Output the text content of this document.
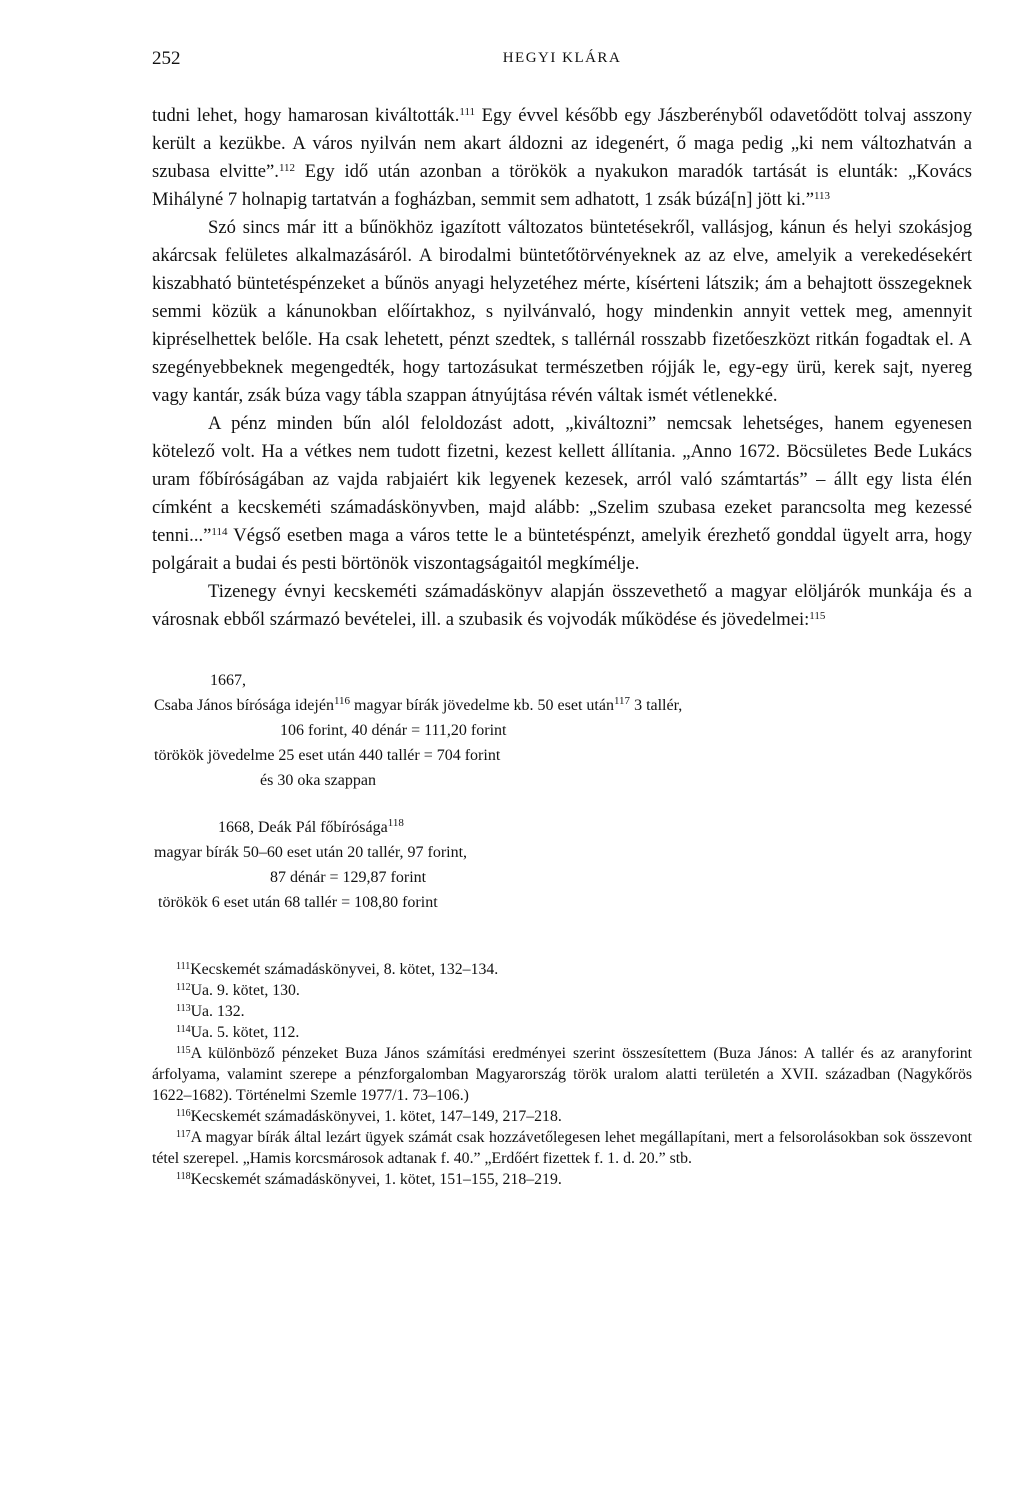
252	HEGYI KLÁRA

tudni lehet, hogy hamarosan kiváltották.$^{111}$ Egy évvel később egy Jászberényből odavetődött tolvaj asszony került a kezükbe. A város nyilván nem akart áldozni az idegenért, ő maga pedig „ki nem változhatván a szubasa elvitte”.$^{112}$ Egy idő után azonban a törökök a nyakukon maradók tartását is elunták: „Kovács Mihályné 7 holnapig tartatván a fogházban, semmit sem adhatott, 1 zsák búzá[n] jött ki.”$^{113}$

Szó sincs már itt a bűnökhöz igazított változatos büntetésekről, vallásjog, kánun és helyi szokásjog akárcsak felületes alkalmazásáról. A birodalmi büntetőtörvényeknek az az elve, amelyik a verekedésekért kiszabható büntetéspénzeket a bűnös anyagi helyzetéhez mérte, kísérteni látszik; ám a behajtott összegeknek semmi közük a kánunokban előírtakhoz, s nyilvánvaló, hogy mindenkin annyit vettek meg, amennyit kipréselhettek belőle. Ha csak lehetett, pénzt szedtek, s tallérnál rosszabb fizetőeszközt ritkán fogadtak el. A szegényebbeknek megengedték, hogy tartozásukat természetben rójják le, egy-egy ürü, kerek sajt, nyereg vagy kantár, zsák búza vagy tábla szappan átnyújtása révén váltak ismét vétlenekké.

A pénz minden bűn alól feloldozást adott, „kiváltozni” nemcsak lehetséges, hanem egyenesen kötelező volt. Ha a vétkes nem tudott fizetni, kezest kellett állítania. „Anno 1672. Böcsületes Bede Lukács uram főbíróságában az vajda rabjaiért kik legyenek kezesek, arról való számtartás” – állt egy lista élén címként a kecskeméti számadáskönyvben, majd alább: „Szelim szubasa ezeket parancsolta meg kezessé tenni...”$^{114}$ Végső esetben maga a város tette le a büntetéspénzt, amelyik érezhető gonddal ügyelt arra, hogy polgárait a budai és pesti börtönök viszontagságaitól megkímélje.

Tizenegy évnyi kecskeméti számadáskönyv alapján összevethető a magyar elöljárók munkája és a városnak ebből származó bevételei, ill. a szubasik és vojvodák működése és jövedelmei:$^{115}$

1667,
Csaba János bírósága idején$^{116}$ magyar bírák jövedelme kb. 50 eset után$^{117}$ 3 tallér,
106 forint, 40 dénár = 111,20 forint
törökök jövedelme 25 eset után 440 tallér = 704 forint
és 30 oka szappan
1668, Deák Pál főbírósága$^{118}$
magyar bírák 50–60 eset után 20 tallér, 97 forint,
87 dénár = 129,87 forint
törökök 6 eset után 68 tallér = 108,80 forint

$^{111}$Kecskemét számadáskönyvei, 8. kötet, 132–134.

$^{112}$Ua. 9. kötet, 130.

$^{113}$Ua. 132.

$^{114}$Ua. 5. kötet, 112.

$^{115}$A különböző pénzeket Buza János számítási eredményei szerint összesítettem (Buza János: A tallér és az aranyforint árfolyama, valamint szerepe a pénzforgalomban Magyarország török uralom alatti területén a XVII. században (Nagykőrös 1622–1682). Történelmi Szemle 1977/1. 73–106.)

$^{116}$Kecskemét számadáskönyvei, 1. kötet, 147–149, 217–218.

$^{117}$A magyar bírák által lezárt ügyek számát csak hozzávetőlegesen lehet megállapítani, mert a felsorolásokban sok összevont tétel szerepel. „Hamis korcsmárosok adtanak f. 40.” „Erdőért fizettek f. 1. d. 20.” stb.

$^{118}$Kecskemét számadáskönyvei, 1. kötet, 151–155, 218–219.
